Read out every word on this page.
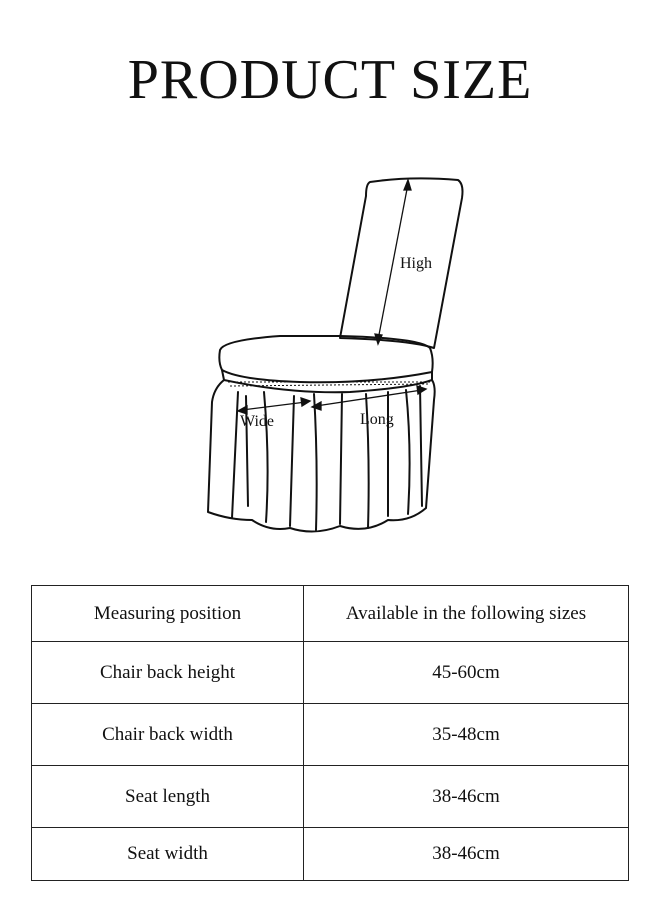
PRODUCT SIZE
High
Wide	Long
Measuring position	Available in the following sizes
Chair back height	45-60cm
Chair back width	35-48cm
Seat length	38-46cm
Seat width	38-46cm
